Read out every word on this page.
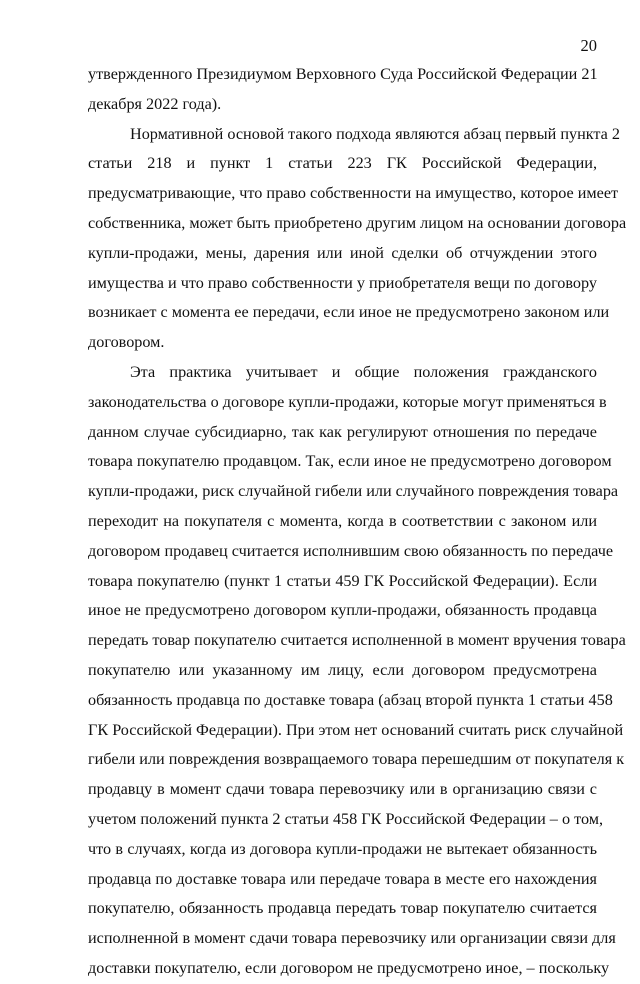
20
утвержденного Президиумом Верховного Суда Российской Федерации 21
декабря 2022 года).
Нормативной основой такого подхода являются абзац первый пункта 2
статьи 218 и пункт 1 статьи 223 ГК Российской Федерации,
предусматривающие, что право собственности на имущество, которое имеет
собственника, может быть приобретено другим лицом на основании договора
купли-продажи, мены, дарения или иной сделки об отчуждении этого
имущества и что право собственности у приобретателя вещи по договору
возникает с момента ее передачи, если иное не предусмотрено законом или
договором.
Эта практика учитывает и общие положения гражданского
законодательства о договоре купли-продажи, которые могут применяться в
данном случае субсидиарно, так как регулируют отношения по передаче
товара покупателю продавцом. Так, если иное не предусмотрено договором
купли-продажи, риск случайной гибели или случайного повреждения товара
переходит на покупателя с момента, когда в соответствии с законом или
договором продавец считается исполнившим свою обязанность по передаче
товара покупателю (пункт 1 статьи 459 ГК Российской Федерации). Если
иное не предусмотрено договором купли-продажи, обязанность продавца
передать товар покупателю считается исполненной в момент вручения товара
покупателю или указанному им лицу, если договором предусмотрена
обязанность продавца по доставке товара (абзац второй пункта 1 статьи 458
ГК Российской Федерации). При этом нет оснований считать риск случайной
гибели или повреждения возвращаемого товара перешедшим от покупателя к
продавцу в момент сдачи товара перевозчику или в организацию связи с
учетом положений пункта 2 статьи 458 ГК Российской Федерации – о том,
что в случаях, когда из договора купли-продажи не вытекает обязанность
продавца по доставке товара или передаче товара в месте его нахождения
покупателю, обязанность продавца передать товар покупателю считается
исполненной в момент сдачи товара перевозчику или организации связи для
доставки покупателю, если договором не предусмотрено иное, – поскольку
